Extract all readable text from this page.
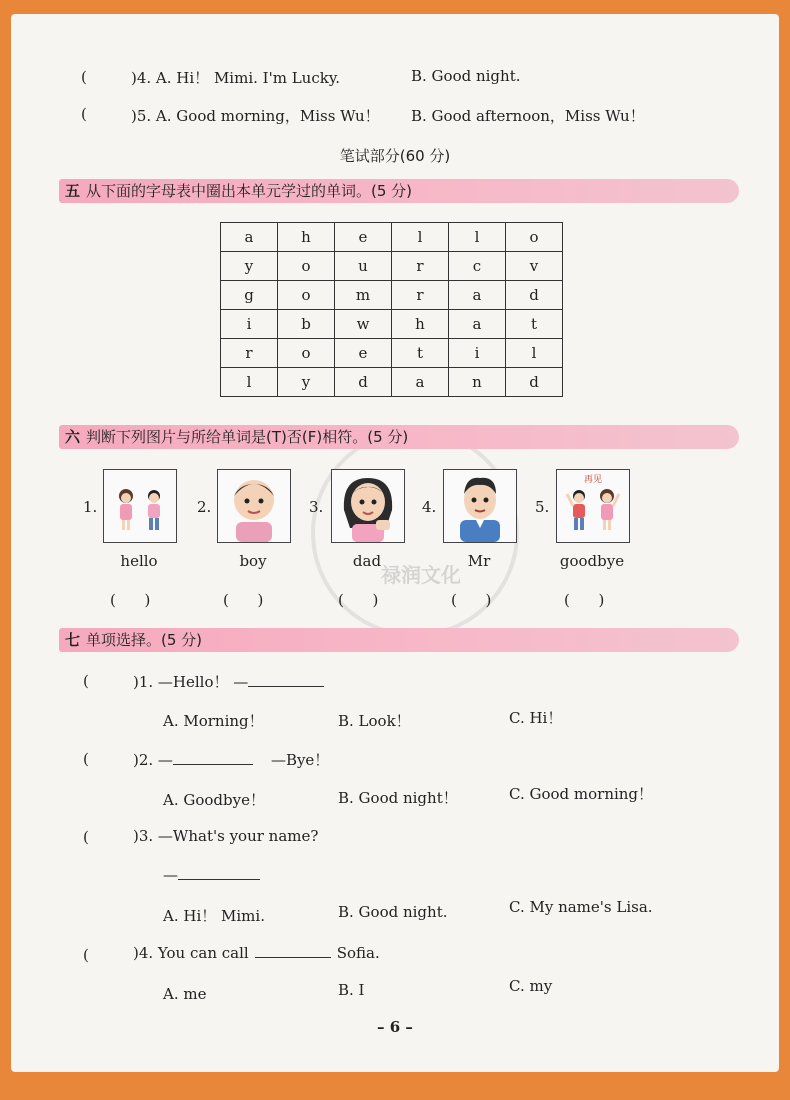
禄润文化
(	)4. A. Hi！ Mimi. I'm Lucky.	B. Good night.
(	)5. A. Good morning，Miss Wu！ B. Good afternoon，Miss Wu！
笔试部分(60 分)
五 从下面的字母表中圈出本单元学过的单词。(5 分)
a	h	e	l	l	o
y	o	u	r	c	v
g	o	m	r	a	d
i	b	w	h	a	t
r	o	e	t	i	l
l	y	d	a	n	d
六 判断下列图片与所给单词是(T)否(F)相符。(5 分)
1.	2.	3.	4.	5.
再见
hello	boy	dad	Mr	goodbye
(      )	(      )	(      )	(      )	(      )
七 单项选择。(5 分)
(	)1. —Hello！ —
A. Morning！	B. Look！	C. Hi！
(	)2. —	—Bye！
A. Goodbye！	B. Good night！	C. Good morning！
(	)3. —What's your name?
—
A. Hi！ Mimi.	B. Good night.	C. My name's Lisa.
(	)4. You can call	Sofia.
A. me	B. I	C. my
– 6 –
